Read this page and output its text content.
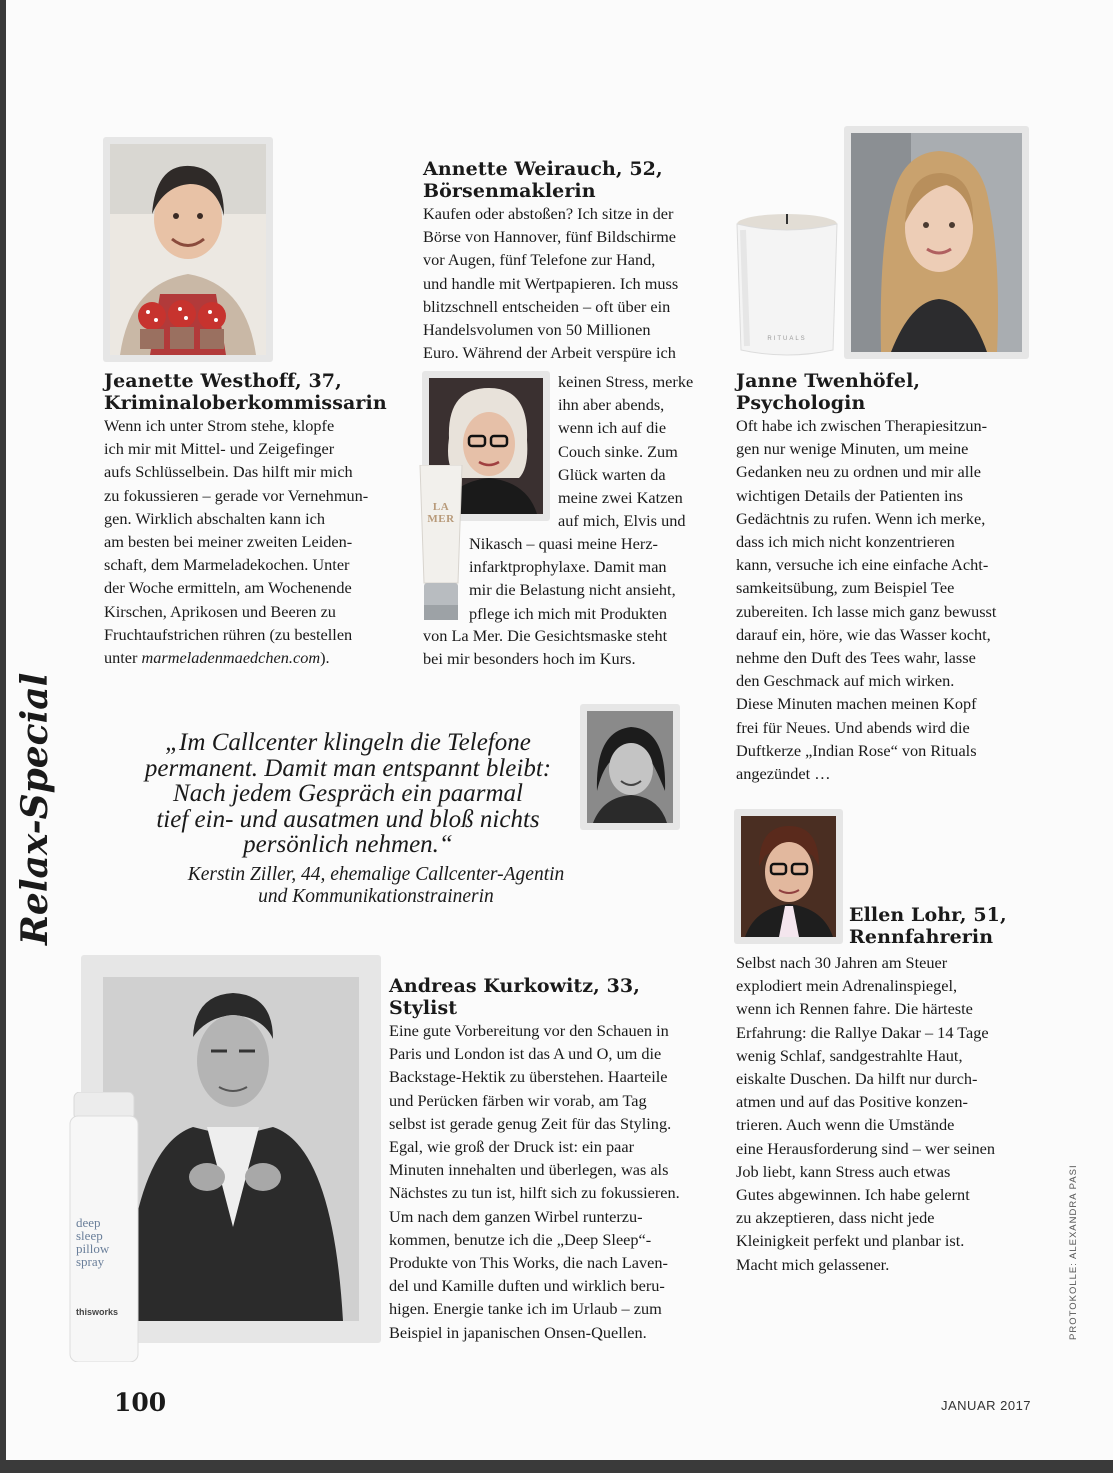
Jeanette Westhoff, 37,

Kriminaloberkommissarin

Wenn ich unter Strom stehe, klopfe
ich mir mit Mittel- und Zeigefinger
aufs Schlüsselbein. Das hilft mir mich
zu fokussieren – gerade vor Vernehmun-
gen. Wirklich abschalten kann ich
am besten bei meiner zweiten Leiden-
schaft, dem Marmeladekochen. Unter
der Woche ermitteln, am Wochenende
Kirschen, Aprikosen und Beeren zu
Fruchtaufstrichen rühren (zu bestellen
unter marmeladenmaedchen.com).

Annette Weirauch, 52,

Börsenmaklerin

Kaufen oder abstoßen? Ich sitze in der
Börse von Hannover, fünf Bildschirme
vor Augen, fünf Telefone zur Hand,
und handle mit Wertpapieren. Ich muss
blitzschnell entscheiden – oft über ein
Handelsvolumen von 50 Millionen
Euro. Während der Arbeit verspüre ich
keinen Stress, merke
ihn aber abends,
wenn ich auf die
Couch sinke. Zum
Glück warten da
meine zwei Katzen
auf mich, Elvis und
Nikasch – quasi meine Herz-
infarktprophylaxe. Damit man
mir die Belastung nicht ansieht,
pflege ich mich mit Produkten
von La Mer. Die Gesichtsmaske steht
bei mir besonders hoch im Kurs.
LA MER
RITUALS

Janne Twenhöfel,

Psychologin

Oft habe ich zwischen Therapiesitzun-
gen nur wenige Minuten, um meine
Gedanken neu zu ordnen und mir alle
wichtigen Details der Patienten ins
Gedächtnis zu rufen. Wenn ich merke,
dass ich mich nicht konzentrieren
kann, versuche ich eine einfache Acht-
samkeitsübung, zum Beispiel Tee
zubereiten. Ich lasse mich ganz bewusst
darauf ein, höre, wie das Wasser kocht,
nehme den Duft des Tees wahr, lasse
den Geschmack auf mich wirken.
Diese Minuten machen meinen Kopf
frei für Neues. Und abends wird die
Duftkerze „Indian Rose“ von Rituals
angezündet …
„Im Callcenter klingeln die Telefone
permanent. Damit man entspannt bleibt:
Nach jedem Gespräch ein paarmal
tief ein- und ausatmen und bloß nichts
persönlich nehmen.“
Kerstin Ziller, 44, ehemalige Callcenter-Agentin
und Kommunikationstrainerin

Ellen Lohr, 51,

Rennfahrerin

Selbst nach 30 Jahren am Steuer
explodiert mein Adrenalinspiegel,
wenn ich Rennen fahre. Die härteste
Erfahrung: die Rallye Dakar – 14 Tage
wenig Schlaf, sandgestrahlte Haut,
eiskalte Duschen. Da hilft nur durch-
atmen und auf das Positive konzen-
trieren. Auch wenn die Umstände
eine Herausforderung sind – wer seinen
Job liebt, kann Stress auch etwas
Gutes abgewinnen. Ich habe gelernt
zu akzeptieren, dass nicht jede
Kleinigkeit perfekt und planbar ist.
Macht mich gelassener.
deep
sleep
pillow
spray
thisworks

Andreas Kurkowitz, 33,

Stylist

Eine gute Vorbereitung vor den Schauen in
Paris und London ist das A und O, um die
Backstage-Hektik zu überstehen. Haarteile
und Perücken färben wir vorab, am Tag
selbst ist gerade genug Zeit für das Styling.
Egal, wie groß der Druck ist: ein paar
Minuten innehalten und überlegen, was als
Nächstes zu tun ist, hilft sich zu fokussieren.
Um nach dem ganzen Wirbel runterzu-
kommen, benutze ich die „Deep Sleep“-
Produkte von This Works, die nach Laven-
del und Kamille duften und wirklich beru-
higen. Energie tanke ich im Urlaub – zum
Beispiel in japanischen Onsen-Quellen.
Relax-Special
PROTOKOLLE: ALEXANDRA PASI
100	JANUAR 2017
